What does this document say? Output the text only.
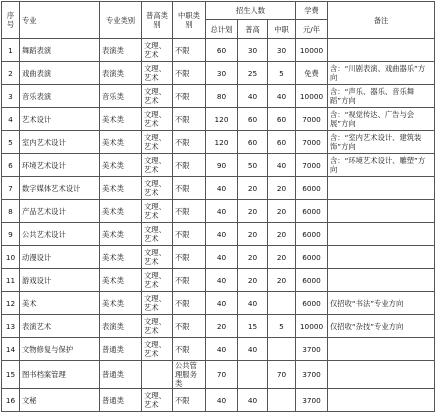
序号	专业	专业类别	普高类别	中职类别	招生人数			学费	备注
					总计划	普高	中职	元/年	
1	舞蹈表演	表演类	文理、艺术	不限	60	30	30	10000	
2	戏曲表演	表演类	文理、艺术	不限	30	25	5	免费	含：“川剧表演、戏曲器乐”方向
3	音乐表演	音乐类	文理、艺术	不限	80	40	40	10000	含：“声乐、器乐、音乐舞蹈”方向
4	艺术设计	美术类	文理、艺术	不限	120	60	60	7000	含：“视觉传达、广告与会展”方向
5	室内艺术设计	美术类	文理、艺术	不限	120	60	60	7000	含：“室内艺术设计、建筑装饰”方向
6	环境艺术设计	美术类	文理、艺术	不限	90	50	40	7000	含：“环境艺术设计、雕塑”方向
7	数字媒体艺术设计	美术类	文理、艺术	不限	40	20	20	6000	
8	产品艺术设计	美术类	文理、艺术	不限	40	20	20	6000	
9	公共艺术设计	美术类	文理、艺术	不限	40	20	20	6000	
10	动漫设计	美术类	文理、艺术	不限	40	20	20	6000	
11	游戏设计	美术类	文理、艺术	不限	40	20	20	6000	
12	美术	美术类	文理、艺术	不限	40	40		6000	仅招收“书法”专业方向
13	表演艺术	表演类	文理、艺术	不限	20	15	5	10000	仅招收“杂技”专业方向
14	文物修复与保护	普通类	文理、艺术	不限	40	40		3700	
15	图书档案管理	普通类		公共管理服务类	70		70	3700	
16	文秘	普通类	文理、艺术	不限	40	40		3700	
